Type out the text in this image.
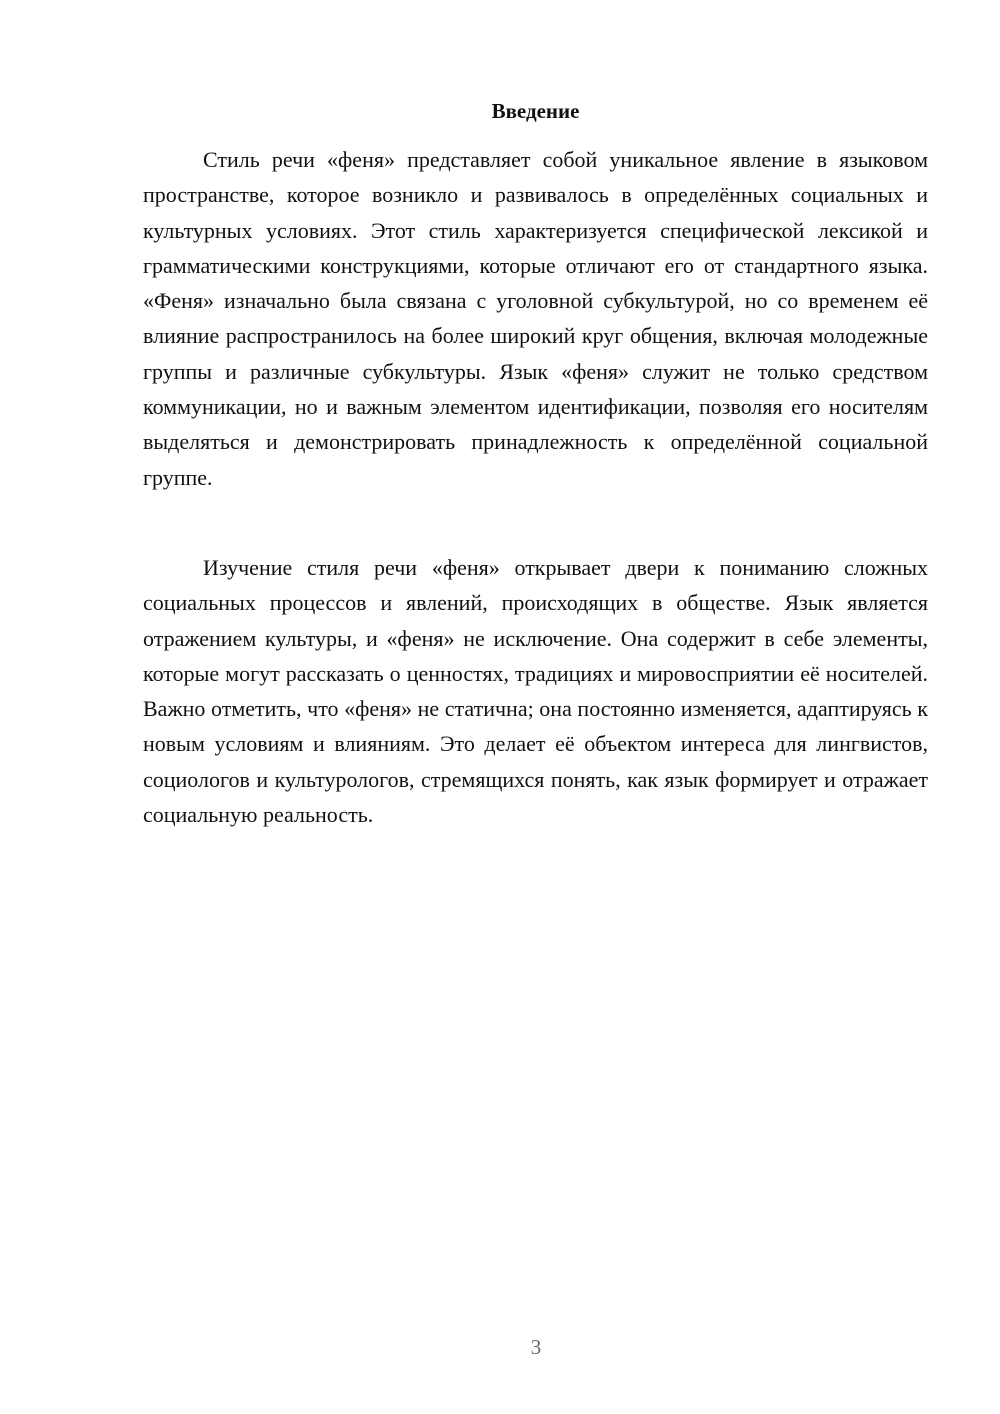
Введение

Стиль речи «феня» представляет собой уникальное явление в языковом пространстве, которое возникло и развивалось в определённых социальных и культурных условиях. Этот стиль характеризуется специфической лексикой и грамматическими конструкциями, которые отличают его от стандартного языка. «Феня» изначально была связана с уголовной субкультурой, но со временем её влияние распространилось на более широкий круг общения, включая молодежные группы и различные субкультуры. Язык «феня» служит не только средством коммуникации, но и важным элементом идентификации, позволяя его носителям выделяться и демонстрировать принадлежность к определённой социальной группе.

Изучение стиля речи «феня» открывает двери к пониманию сложных социальных процессов и явлений, происходящих в обществе. Язык является отражением культуры, и «феня» не исключение. Она содержит в себе элементы, которые могут рассказать о ценностях, традициях и мировосприятии её носителей. Важно отметить, что «феня» не статична; она постоянно изменяется, адаптируясь к новым условиям и влияниям. Это делает её объектом интереса для лингвистов, социологов и культурологов, стремящихся понять, как язык формирует и отражает социальную реальность.

3
